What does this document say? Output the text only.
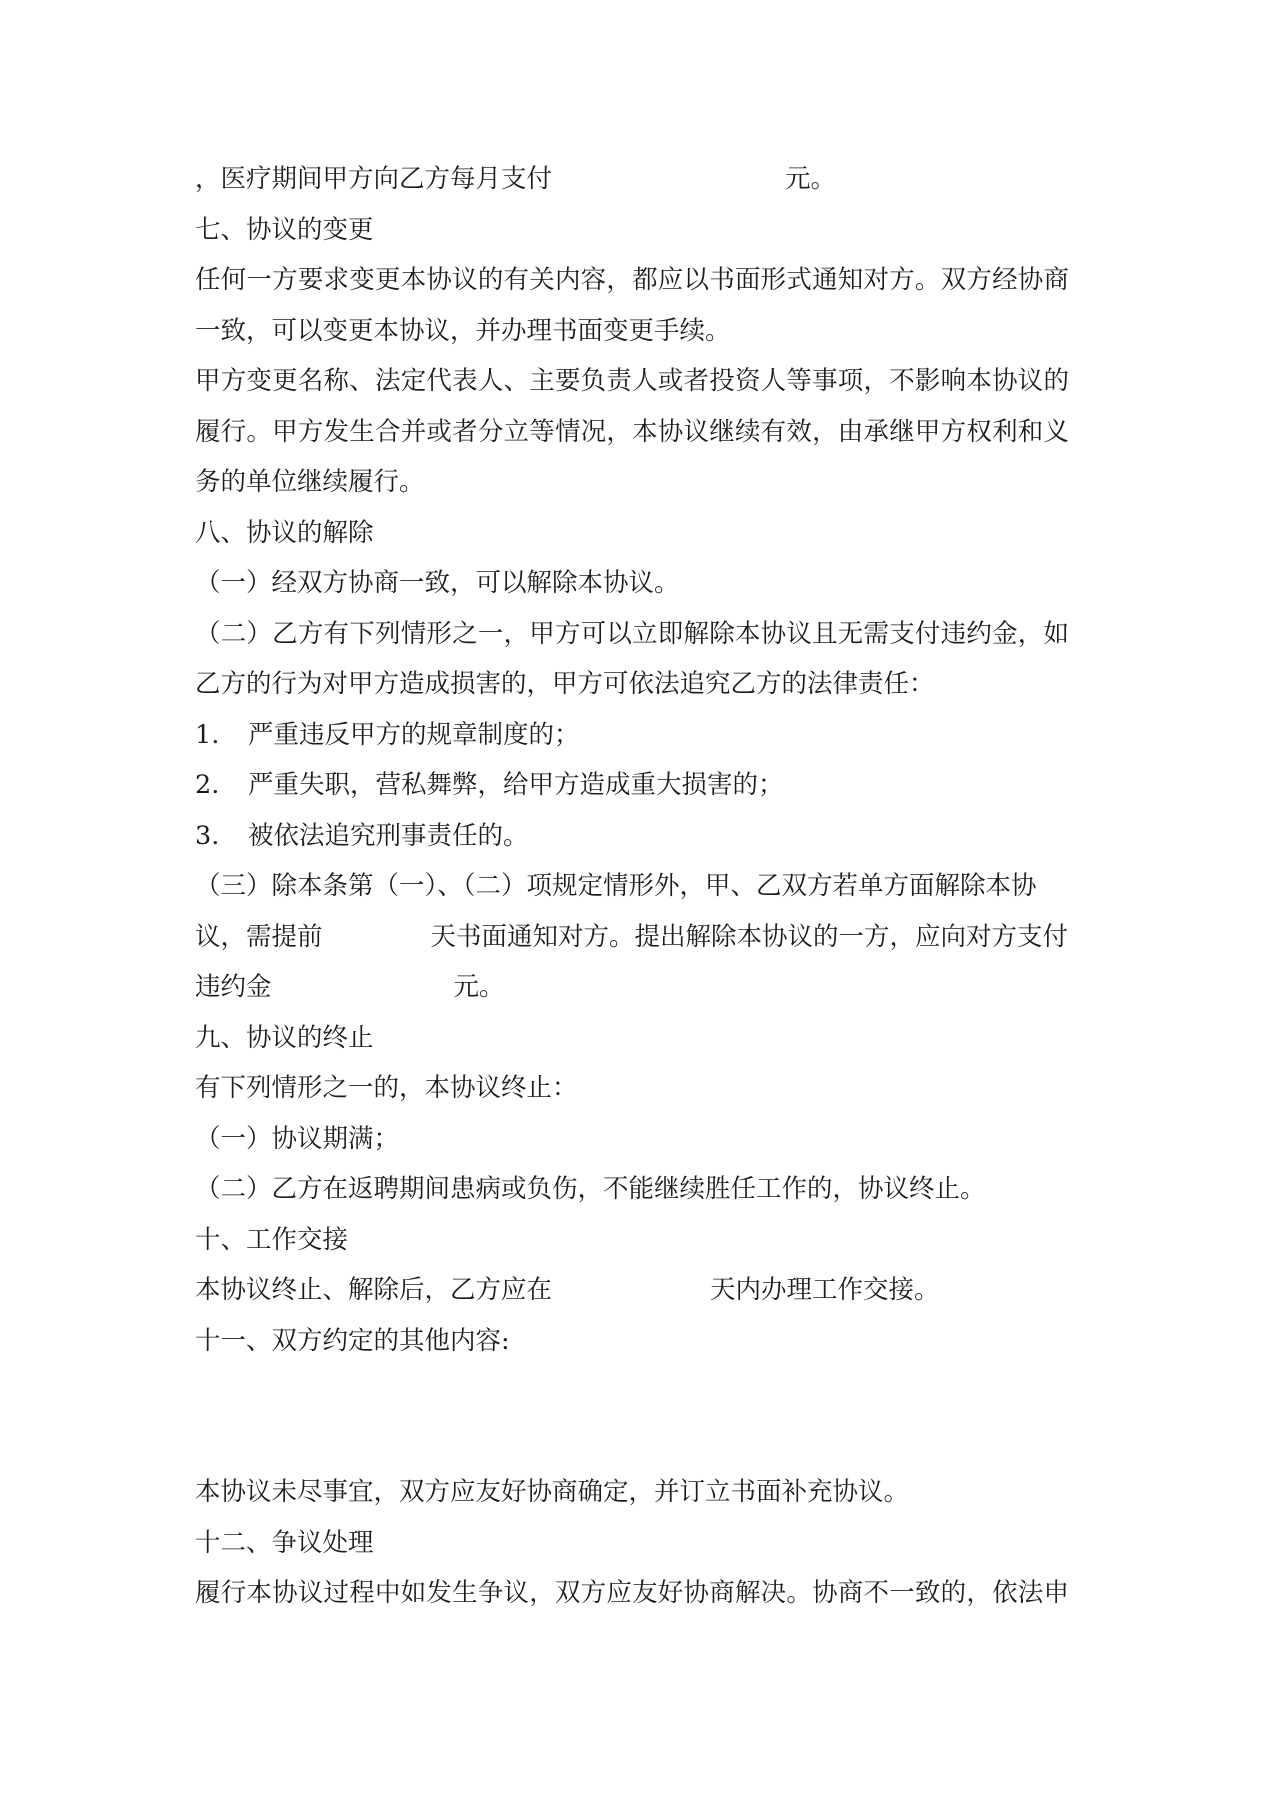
，医疗期间甲方向乙方每月支付	元。
七、协议的变更
任何一方要求变更本协议的有关内容，都应以书面形式通知对方。双方经协商
一致，可以变更本协议，并办理书面变更手续。
甲方变更名称、法定代表人、主要负责人或者投资人等事项，不影响本协议的
履行。甲方发生合并或者分立等情况，本协议继续有效，由承继甲方权利和义
务的单位继续履行。
八、协议的解除
（一）经双方协商一致，可以解除本协议。
（二）乙方有下列情形之一，甲方可以立即解除本协议且无需支付违约金，如
乙方的行为对甲方造成损害的，甲方可依法追究乙方的法律责任：
1. 严重违反甲方的规章制度的；
2. 严重失职，营私舞弊，给甲方造成重大损害的；
3. 被依法追究刑事责任的。
（三）除本条第（一）、（二）项规定情形外，甲、乙双方若单方面解除本协
议，需提前	天书面通知对方。提出解除本协议的一方，应向对方支付
违约金	元。
九、协议的终止
有下列情形之一的，本协议终止：
（一）协议期满；
（二）乙方在返聘期间患病或负伤，不能继续胜任工作的，协议终止。
十、工作交接
本协议终止、解除后，乙方应在	天内办理工作交接。
十一、双方约定的其他内容:
本协议未尽事宜，双方应友好协商确定，并订立书面补充协议。
十二、争议处理
履行本协议过程中如发生争议，双方应友好协商解决。协商不一致的，依法申
